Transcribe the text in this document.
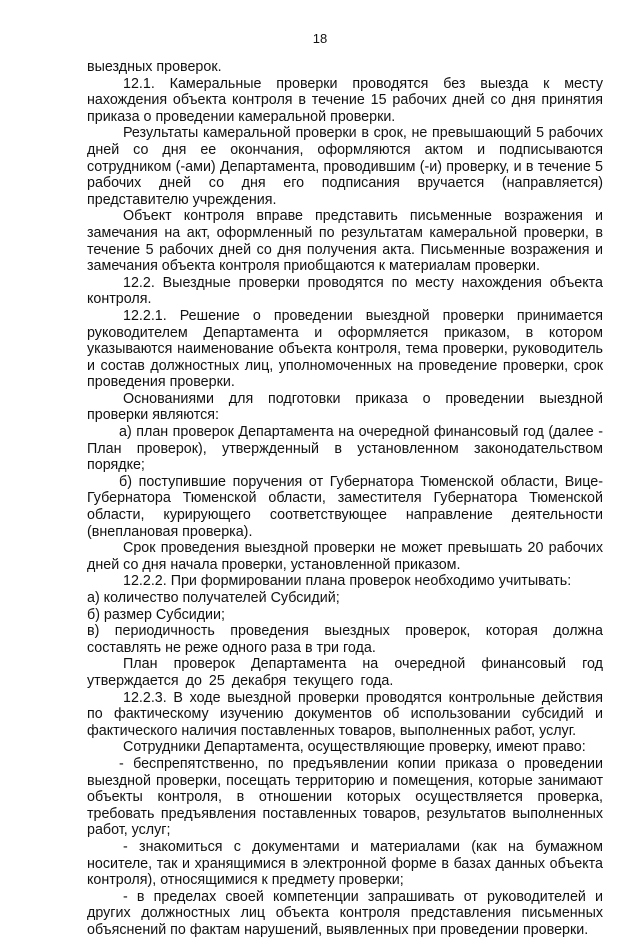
18

выездных проверок.

12.1. Камеральные проверки проводятся без выезда к месту нахождения объекта контроля в течение 15 рабочих дней со дня принятия приказа о проведении камеральной проверки.

Результаты камеральной проверки в срок, не превышающий 5 рабочих дней со дня ее окончания, оформляются актом и подписываются сотрудником (-ами) Департамента, проводившим (-и) проверку, и в течение 5 рабочих дней со дня его подписания вручается (направляется) представителю учреждения.

Объект контроля вправе представить письменные возражения и замечания на акт, оформленный по результатам камеральной проверки, в течение 5 рабочих дней со дня получения акта. Письменные возражения и замечания объекта контроля приобщаются к материалам проверки.

12.2. Выездные проверки проводятся по месту нахождения объекта контроля.

12.2.1. Решение о проведении выездной проверки принимается руководителем Департамента и оформляется приказом, в котором указываются наименование объекта контроля, тема проверки, руководитель и состав должностных лиц, уполномоченных на проведение проверки, срок проведения проверки.

Основаниями для подготовки приказа о проведении выездной проверки являются:

а) план проверок Департамента на очередной финансовый год (далее - План проверок), утвержденный в установленном законодательством порядке;

б) поступившие поручения от Губернатора Тюменской области, Вице-Губернатора Тюменской области, заместителя Губернатора Тюменской области, курирующего соответствующее направление деятельности (внеплановая проверка).

Срок проведения выездной проверки не может превышать 20 рабочих дней со дня начала проверки, установленной приказом.

12.2.2. При формировании плана проверок необходимо учитывать:

а) количество получателей Субсидий;

б) размер Субсидии;

в) периодичность проведения выездных проверок, которая должна составлять не реже одного раза в три года.

План проверок Департамента на очередной финансовый год утверждается до 25 декабря текущего года.

12.2.3. В ходе выездной проверки проводятся контрольные действия по фактическому изучению документов об использовании субсидий и фактического наличия поставленных товаров, выполненных работ, услуг.

Сотрудники Департамента, осуществляющие проверку, имеют право:

- беспрепятственно, по предъявлении копии приказа о проведении выездной проверки, посещать территорию и помещения, которые занимают объекты контроля, в отношении которых осуществляется проверка, требовать предъявления поставленных товаров, результатов выполненных работ, услуг;

- знакомиться с документами и материалами (как на бумажном носителе, так и хранящимися в электронной форме в базах данных объекта контроля), относящимися к предмету проверки;

- в пределах своей компетенции запрашивать от руководителей и других должностных лиц объекта контроля представления письменных объяснений по фактам нарушений, выявленных при проведении проверки.
